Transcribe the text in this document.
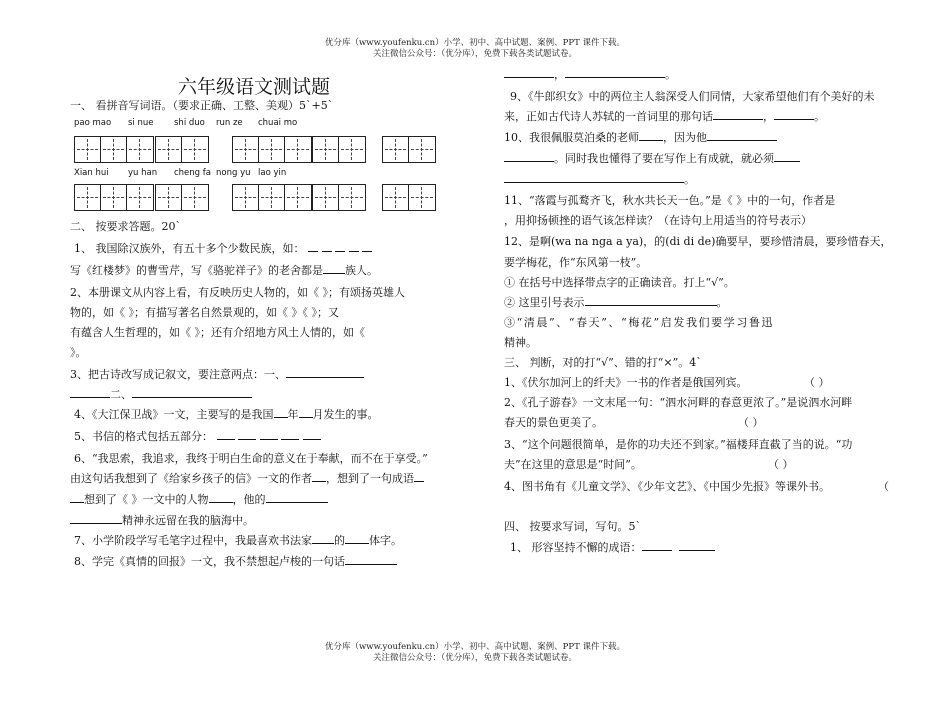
优分库（www.youfenku.cn）小学、初中、高中试题、案例、PPT 课件下载。
关注微信公众号：（优分库），免费下载各类试题试卷。
六年级语文测试题
一、 看拼音写词语。（要求正确、工整、美观）5`+5`
pao mao si nue shi duo run ze chuai mo
Xian hui yu han cheng fa nong yu lao yin
二、 按要求答题。20`
1、 我国除汉族外，有五十多个少数民族，如：
写《红楼梦》的曹雪芹，写《骆驼祥子》的老舍都是 族人。
2、本册课文从内容上看，有反映历史人物的，如《 》；有颂扬英雄人
物的，如《 》；有描写著名自然景观的，如《 》《 》；又
有蕴含人生哲理的，如《 》；还有介绍地方风土人情的，如《
》。
3、把古诗改写成记叙文，要注意两点：一、
二、
4、《大江保卫战》一文，主要写的是我国 年 月发生的事。
5、书信的格式包括五部分：
6、“我思索，我追求，我终于明白生命的意义在于奉献，而不在于享受。”
由这句话我想到了《给家乡孩子的信》一文的作者 ，想到了一句成语
想到了《 》一文中的人物 ，他的
精神永远留在我的脑海中。
7、小学阶段学写毛笔字过程中，我最喜欢书法家 的 体字。
8、学完《真情的回报》一文，我不禁想起卢梭的一句话
，	。
9、《牛郎织女》中的两位主人翁深受人们同情，大家希望他们有个美好的未
来，正如古代诗人苏轼的一首词里的那句话	，	。
10、我很佩服莫泊桑的老师 ，因为他
。同时我也懂得了要在写作上有成就，就必须
。
11、“落霞与孤鹜齐飞，秋水共长天一色。”是《 》中的一句，作者是
，用抑扬顿挫的语气该怎样读？（在诗句上用适当的符号表示）
12、是啊(wa na nga a ya)，的(di di de)确要早，要珍惜清晨，要珍惜春天，
要学梅花，作“东风第一枝”。
① 在括号中选择带点字的正确读音。打上“√”。
② 这里引号表示	。
③“清晨”、“春天”、“梅花”启发我们要学习鲁迅
精神。
三、 判断，对的打“√”、错的打“×”。4`
1、《伏尔加河上的纤夫》一书的作者是俄国列宾。	（ ）
2、《孔子游春》一文末尾一句：“泗水河畔的春意更浓了。”是说泗水河畔
春天的景色更美了。	（ ）
3、“这个问题很简单，是你的功夫还不到家。”福楼拜直截了当的说。“功
夫”在这里的意思是“时间”。	（ ）
4、图书角有《儿童文学》、《少年文艺》、《中国少先报》等课外书。	（
四、 按要求写词，写句。5`
1、 形容坚持不懈的成语：
优分库（www.youfenku.cn）小学、初中、高中试题、案例、PPT 课件下载。
关注微信公众号：（优分库），免费下载各类试题试卷。
